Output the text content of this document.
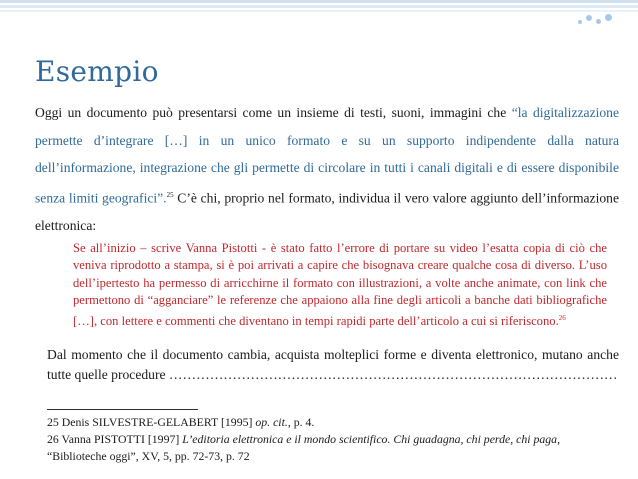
Esempio

Oggi un documento può presentarsi come un insieme di testi, suoni, immagini che “la digitalizzazione permette d’integrare […] in un unico formato e su un supporto indipendente dalla natura dell’informazione, integrazione che gli permette di circolare in tutti i canali digitali e di essere disponibile senza limiti geografici”.$^{25}$ C’è chi, proprio nel formato, individua il vero valore aggiunto dell’informazione elettronica:

Se all’inizio – scrive Vanna Pistotti - è stato fatto l’errore di portare su video l’esatta copia di ciò che veniva riprodotto a stampa, si è poi arrivati a capire che bisognava creare qualche cosa di diverso. L’uso dell’ipertesto ha permesso di arricchirne il formato con illustrazioni, a volte anche animate, con link che permettono di “agganciare” le referenze che appaiono alla fine degli articoli a banche dati bibliografiche […], con lettere e commenti che diventano in tempi rapidi parte dell’articolo a cui si riferiscono.$^{26}$

Dal momento che il documento cambia, acquista molteplici forme e diventa elettronico, mutano anche tutte quelle procedure ………………………………………………………………………………………

25 Denis SILVESTRE-GELABERT [1995] op. cit., p. 4.
26 Vanna PISTOTTI [1997] L’editoria elettronica e il mondo scientifico. Chi guadagna, chi perde, chi paga, “Biblioteche oggi”, XV, 5, pp. 72-73, p. 72
